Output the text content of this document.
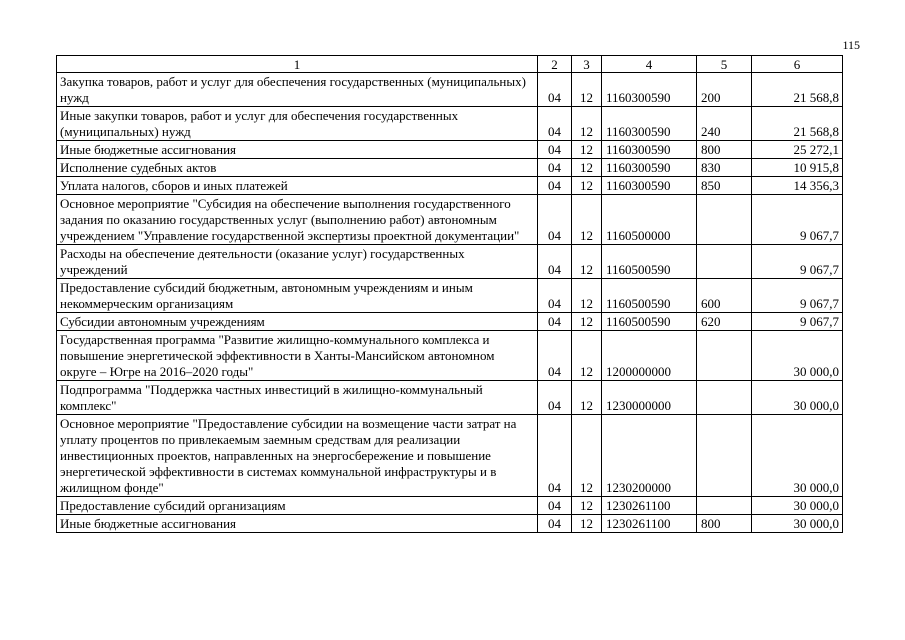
115
1	2	3	4	5	6
Закупка товаров, работ и услуг для обеспечения государственных (муниципальных) нужд	04	12	1160300590	200	21 568,8
Иные закупки товаров, работ и услуг для обеспечения государственных (муниципальных) нужд	04	12	1160300590	240	21 568,8
Иные бюджетные ассигнования	04	12	1160300590	800	25 272,1
Исполнение судебных актов	04	12	1160300590	830	10 915,8
Уплата налогов, сборов и иных платежей	04	12	1160300590	850	14 356,3
Основное мероприятие "Субсидия на обеспечение выполнения государственного задания по оказанию государственных услуг (выполнению работ) автономным учреждением "Управление государственной экспертизы проектной документации"	04	12	1160500000		9 067,7
Расходы на обеспечение деятельности (оказание услуг) государственных учреждений	04	12	1160500590		9 067,7
Предоставление субсидий бюджетным, автономным учреждениям и иным некоммерческим организациям	04	12	1160500590	600	9 067,7
Субсидии автономным учреждениям	04	12	1160500590	620	9 067,7
Государственная программа "Развитие жилищно-коммунального комплекса и повышение энергетической эффективности в Ханты-Мансийском автономном округе – Югре на 2016–2020 годы"	04	12	1200000000		30 000,0
Подпрограмма "Поддержка частных инвестиций в жилищно-коммунальный комплекс"	04	12	1230000000		30 000,0
Основное мероприятие "Предоставление субсидии на возмещение части затрат на уплату процентов по привлекаемым заемным средствам для реализации инвестиционных проектов, направленных на энергосбережение и повышение энергетической эффективности в системах коммунальной инфраструктуры и в жилищном фонде"	04	12	1230200000		30 000,0
Предоставление субсидий организациям	04	12	1230261100		30 000,0
Иные бюджетные ассигнования	04	12	1230261100	800	30 000,0
